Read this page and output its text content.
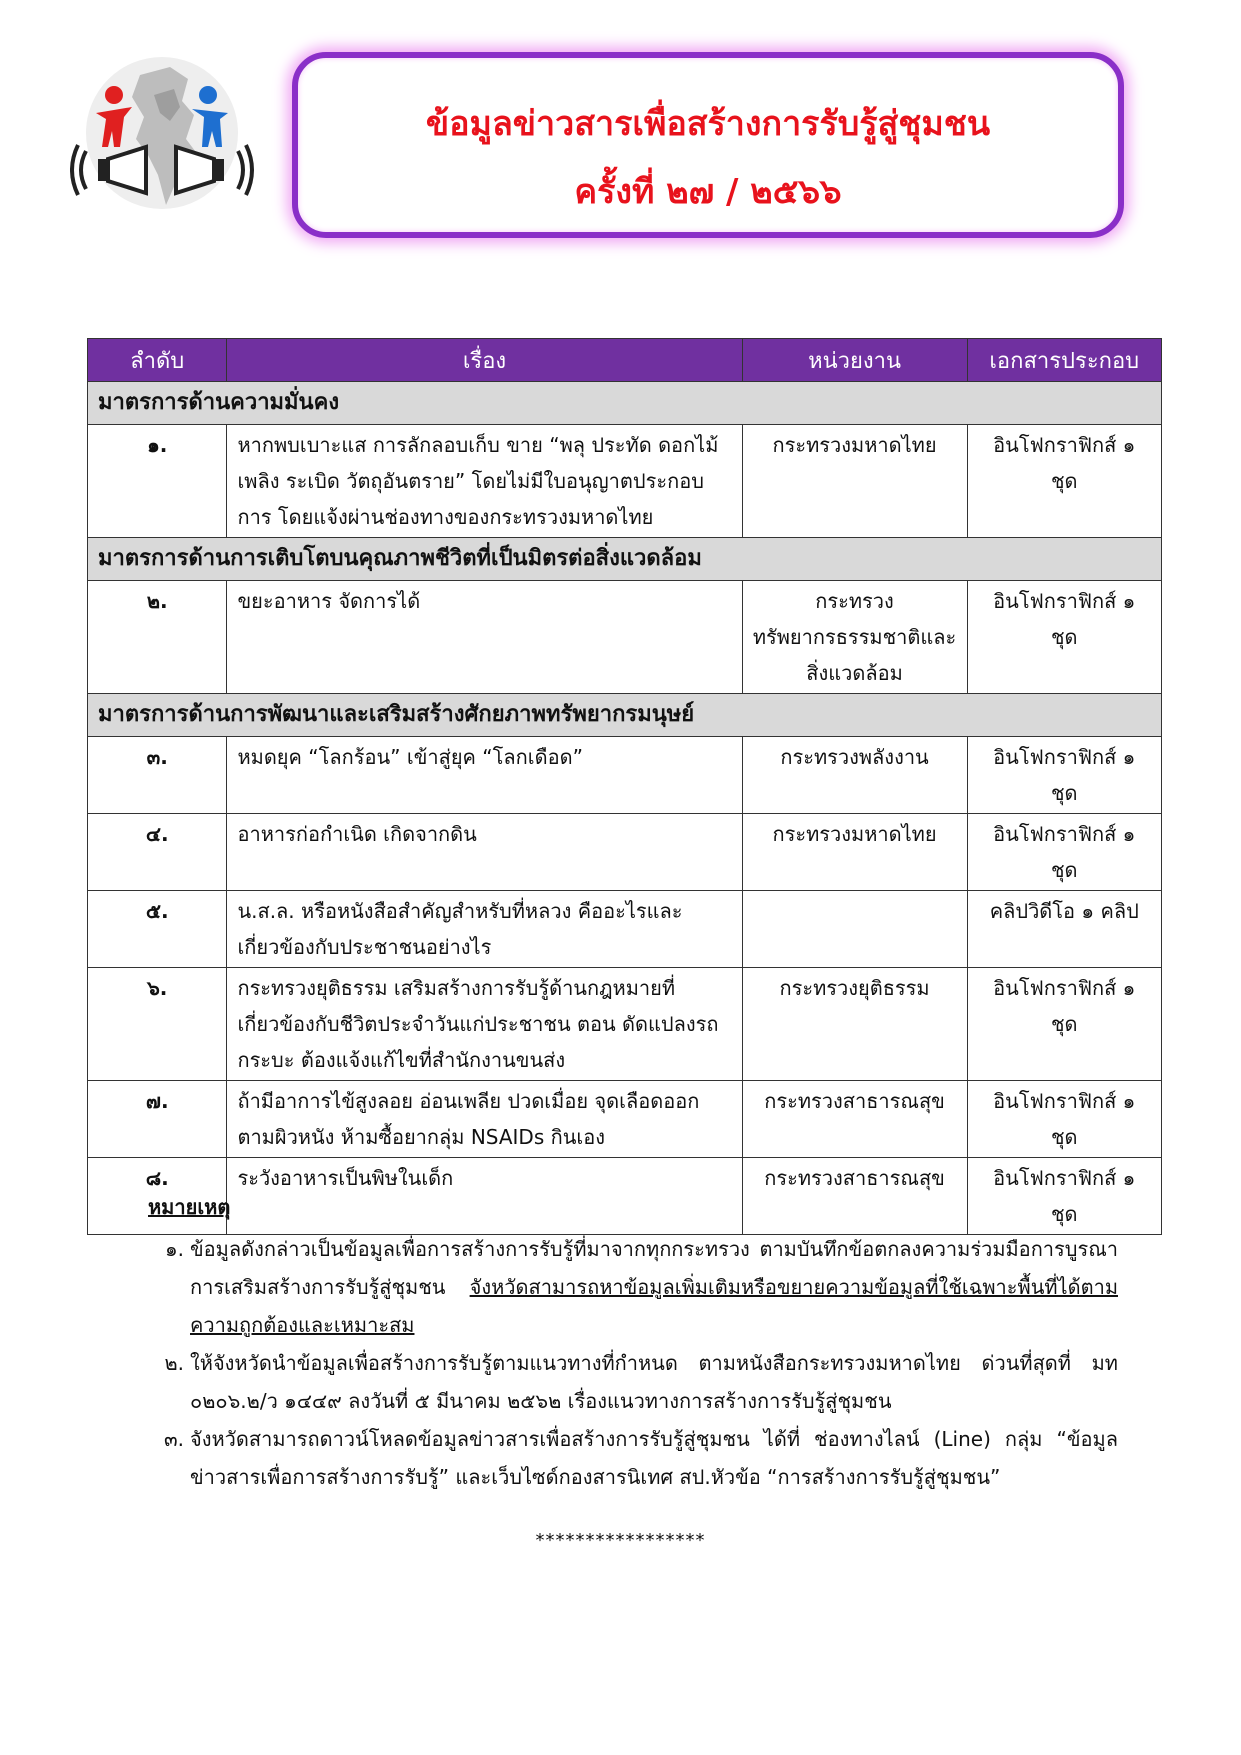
ข้อมูลข่าวสารเพื่อสร้างการรับรู้สู่ชุมชน
ครั้งที่ ๒๗ / ๒๕๖๖
ลำดับ	เรื่อง	หน่วยงาน	เอกสารประกอบ
มาตรการด้านความมั่นคง			
๑.	หากพบเบาะแส การลักลอบเก็บ ขาย “พลุ ประทัด ดอกไม้เพลิง ระเบิด วัตถุอันตราย” โดยไม่มีใบอนุญาตประกอบการ โดยแจ้งผ่านช่องทางของกระทรวงมหาดไทย	กระทรวงมหาดไทย	อินโฟกราฟิกส์ ๑ ชุด
มาตรการด้านการเติบโตบนคุณภาพชีวิตที่เป็นมิตรต่อสิ่งแวดล้อม			
๒.	ขยะอาหาร จัดการได้	กระทรวงทรัพยากรธรรมชาติและสิ่งแวดล้อม	อินโฟกราฟิกส์ ๑ ชุด
มาตรการด้านการพัฒนาและเสริมสร้างศักยภาพทรัพยากรมนุษย์			
๓.	หมดยุค “โลกร้อน” เข้าสู่ยุค “โลกเดือด”	กระทรวงพลังงาน	อินโฟกราฟิกส์ ๑ ชุด
๔.	อาหารก่อกำเนิด เกิดจากดิน	กระทรวงมหาดไทย	อินโฟกราฟิกส์ ๑ ชุด
๕.	น.ส.ล. หรือหนังสือสำคัญสำหรับที่หลวง คืออะไรและเกี่ยวข้องกับประชาชนอย่างไร		คลิปวิดีโอ ๑ คลิป
๖.	กระทรวงยุติธรรม เสริมสร้างการรับรู้ด้านกฎหมายที่เกี่ยวข้องกับชีวิตประจำวันแก่ประชาชน ตอน ดัดแปลงรถกระบะ ต้องแจ้งแก้ไขที่สำนักงานขนส่ง	กระทรวงยุติธรรม	อินโฟกราฟิกส์ ๑ ชุด
๗.	ถ้ามีอาการไข้สูงลอย อ่อนเพลีย ปวดเมื่อย จุดเลือดออกตามผิวหนัง ห้ามซื้อยากลุ่ม NSAIDs กินเอง	กระทรวงสาธารณสุข	อินโฟกราฟิกส์ ๑ ชุด
๘.	ระวังอาหารเป็นพิษในเด็ก	กระทรวงสาธารณสุข	อินโฟกราฟิกส์ ๑ ชุด
หมายเหตุ
๑. ข้อมูลดังกล่าวเป็นข้อมูลเพื่อการสร้างการรับรู้ที่มาจากทุกกระทรวง ตามบันทึกข้อตกลงความร่วมมือการบูรณาการเสริมสร้างการรับรู้สู่ชุมชน จังหวัดสามารถหาข้อมูลเพิ่มเติมหรือขยายความข้อมูลที่ใช้เฉพาะพื้นที่ได้ตามความถูกต้องและเหมาะสม
๒. ให้จังหวัดนำข้อมูลเพื่อสร้างการรับรู้ตามแนวทางที่กำหนด ตามหนังสือกระทรวงมหาดไทย ด่วนที่สุดที่ มท ๐๒๐๖.๒/ว ๑๔๔๙ ลงวันที่ ๕ มีนาคม ๒๕๖๒ เรื่องแนวทางการสร้างการรับรู้สู่ชุมชน
๓. จังหวัดสามารถดาวน์โหลดข้อมูลข่าวสารเพื่อสร้างการรับรู้สู่ชุมชน ได้ที่ ช่องทางไลน์ (Line) กลุ่ม “ข้อมูลข่าวสารเพื่อการสร้างการรับรู้” และเว็บไซด์กองสารนิเทศ สป.หัวข้อ “การสร้างการรับรู้สู่ชุมชน”
*****************
